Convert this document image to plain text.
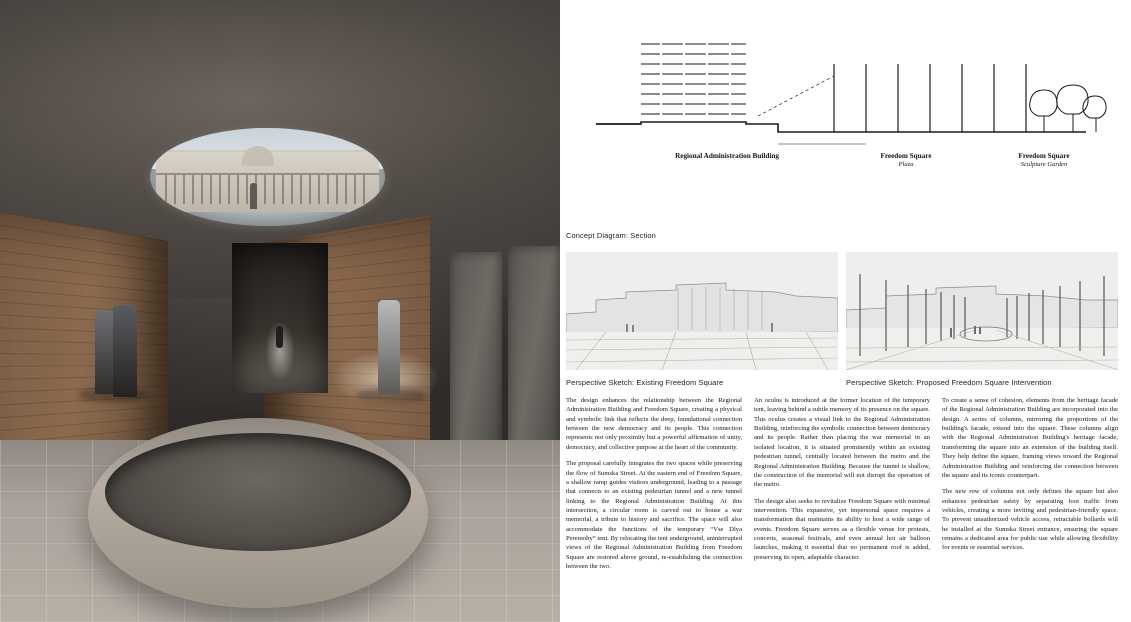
Regional Administration Building	Freedom Square
Plaza
Freedom Square
Sculpture Garden
Concept Diagram: Section
Perspective Sketch: Existing Freedom Square	Perspective Sketch: Proposed Freedom Square Intervention

The design enhances the relationship between the Regional Administration Building and Freedom Square, creating a physical and symbolic link that reflects the deep, foundational connection between the new democracy and its people. This connection represents not only proximity but a powerful affirmation of unity, democracy, and collective purpose at the heart of the community.

The proposal carefully integrates the two spaces while preserving the flow of Sumska Street. At the eastern end of Freedom Square, a shallow ramp guides visitors underground, leading to a passage that connects to an existing pedestrian tunnel and a new tunnel linking to the Regional Administration Building. At this intersection, a circular room is carved out to house a war memorial, a tribute to history and sacrifice. The space will also accommodate the functions of the temporary “Vse Dlya Peremohy” tent. By relocating the tent underground, uninterrupted views of the Regional Administration Building from Freedom Square are restored above ground, re-establishing the connection between the two.

An oculus is introduced at the former location of the temporary tent, leaving behind a subtle memory of its presence on the square. This oculus creates a visual link to the Regional Administration Building, reinforcing the symbolic connection between democracy and its people. Rather than placing the war memorial in an isolated location, it is situated prominently within an existing pedestrian tunnel, centrally located between the metro and the Regional Administration Building. Because the tunnel is shallow, the construction of the memorial will not disrupt the operation of the metro.

The design also seeks to revitalize Freedom Square with minimal intervention. This expansive, yet impersonal space requires a transformation that maintains its ability to host a wide range of events. Freedom Square serves as a flexible venue for protests, concerts, seasonal festivals, and even annual hot air balloon launches, making it essential that no permanent roof is added, preserving its open, adaptable character.

To create a sense of cohesion, elements from the heritage facade of the Regional Administration Building are incorporated into the design. A series of columns, mirroring the proportions of the building's facade, extend into the square. These columns align with the Regional Administration Building's heritage facade, transforming the square into an extension of the building itself. They help define the square, framing views toward the Regional Administration Building and reinforcing the connection between the square and its iconic counterpart.

The new row of columns not only defines the square but also enhances pedestrian safety by separating foot traffic from vehicles, creating a more inviting and pedestrian-friendly space. To prevent unauthorized vehicle access, retractable bollards will be installed at the Sumska Street entrance, ensuring the square remains a dedicated area for public use while allowing flexibility for events or essential services.
